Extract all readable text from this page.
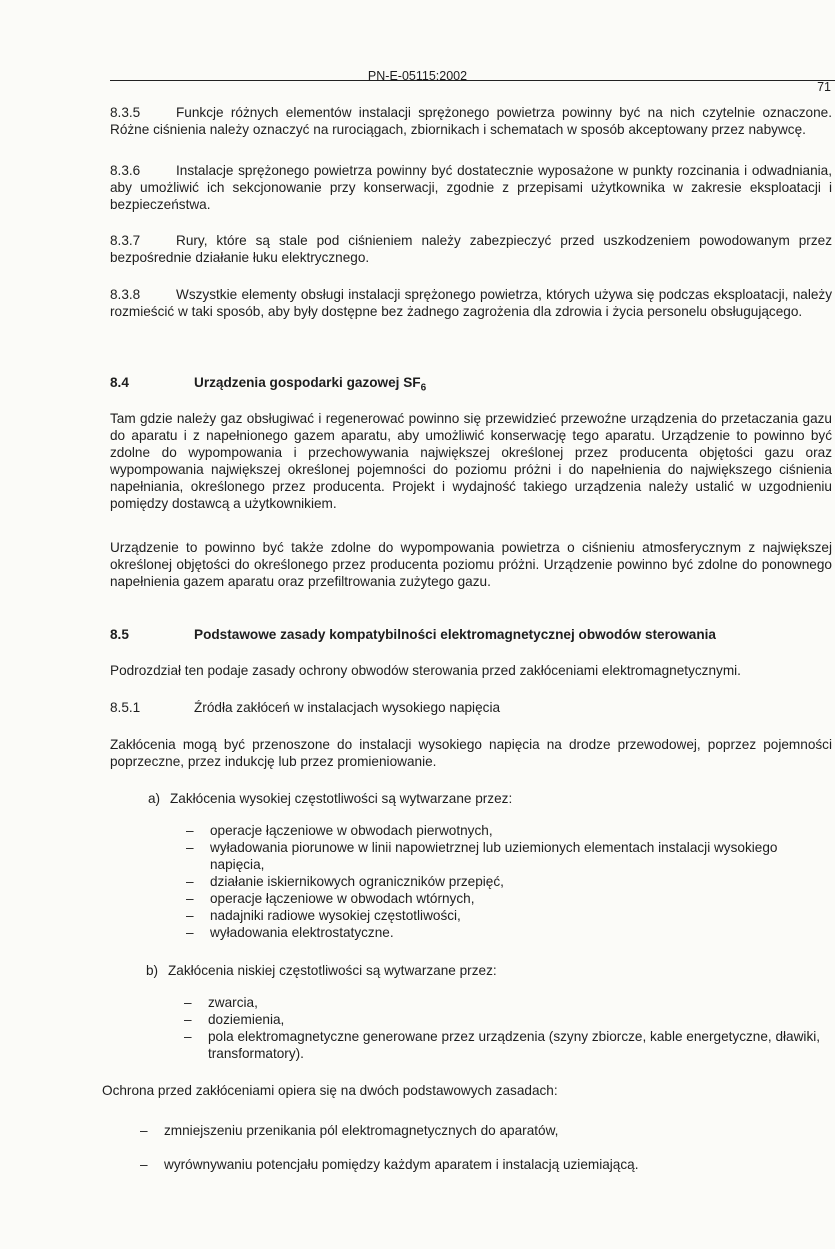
PN-E-05115:2002
71

8.3.5	Funkcje różnych elementów instalacji sprężonego powietrza powinny być na nich czytelnie oznaczone. Różne ciśnienia należy oznaczyć na rurociągach, zbiornikach i schematach w sposób akceptowany przez nabywcę.

8.3.6	Instalacje sprężonego powietrza powinny być dostatecznie wyposażone w punkty rozcinania i odwadniania, aby umożliwić ich sekcjonowanie przy konserwacji, zgodnie z przepisami użytkownika w zakresie eksploatacji i bezpieczeństwa.

8.3.7	Rury, które są stale pod ciśnieniem należy zabezpieczyć przed uszkodzeniem powodowanym przez bezpośrednie działanie łuku elektrycznego.

8.3.8	Wszystkie elementy obsługi instalacji sprężonego powietrza, których używa się podczas eksploatacji, należy rozmieścić w taki sposób, aby były dostępne bez żadnego zagrożenia dla zdrowia i życia personelu obsługującego.

8.4	Urządzenia gospodarki gazowej $SF_6$

Tam gdzie należy gaz obsługiwać i regenerować powinno się przewidzieć przewoźne urządzenia do przetaczania gazu do aparatu i z napełnionego gazem aparatu, aby umożliwić konserwację tego aparatu. Urządzenie to powinno być zdolne do wypompowania i przechowywania największej określonej przez producenta objętości gazu oraz wypompowania największej określonej pojemności do poziomu próżni i do napełnienia do największego ciśnienia napełniania, określonego przez producenta. Projekt i wydajność takiego urządzenia należy ustalić w uzgodnieniu pomiędzy dostawcą a użytkownikiem.

Urządzenie to powinno być także zdolne do wypompowania powietrza o ciśnieniu atmosferycznym z największej określonej objętości do określonego przez producenta poziomu próżni. Urządzenie powinno być zdolne do ponownego napełnienia gazem aparatu oraz przefiltrowania zużytego gazu.

8.5	Podstawowe zasady kompatybilności elektromagnetycznej obwodów sterowania

Podrozdział ten podaje zasady ochrony obwodów sterowania przed zakłóceniami elektromagnetycznymi.

8.5.1	Źródła zakłóceń w instalacjach wysokiego napięcia

Zakłócenia mogą być przenoszone do instalacji wysokiego napięcia na drodze przewodowej, poprzez pojemności poprzeczne, przez indukcję lub przez promieniowanie.

a) Zakłócenia wysokiej częstotliwości są wytwarzane przez:
– operacje łączeniowe w obwodach pierwotnych,
– wyładowania piorunowe w linii napowietrznej lub uziemionych elementach instalacji wysokiego napięcia,
– działanie iskiernikowych ograniczników przepięć,
– operacje łączeniowe w obwodach wtórnych,
– nadajniki radiowe wysokiej częstotliwości,
– wyładowania elektrostatyczne.
b) Zakłócenia niskiej częstotliwości są wytwarzane przez:
– zwarcia,
– doziemienia,
– pola elektromagnetyczne generowane przez urządzenia (szyny zbiorcze, kable energetyczne, dławiki, transformatory).

Ochrona przed zakłóceniami opiera się na dwóch podstawowych zasadach:

– zmniejszeniu przenikania pól elektromagnetycznych do aparatów,
– wyrównywaniu potencjału pomiędzy każdym aparatem i instalacją uziemiającą.
